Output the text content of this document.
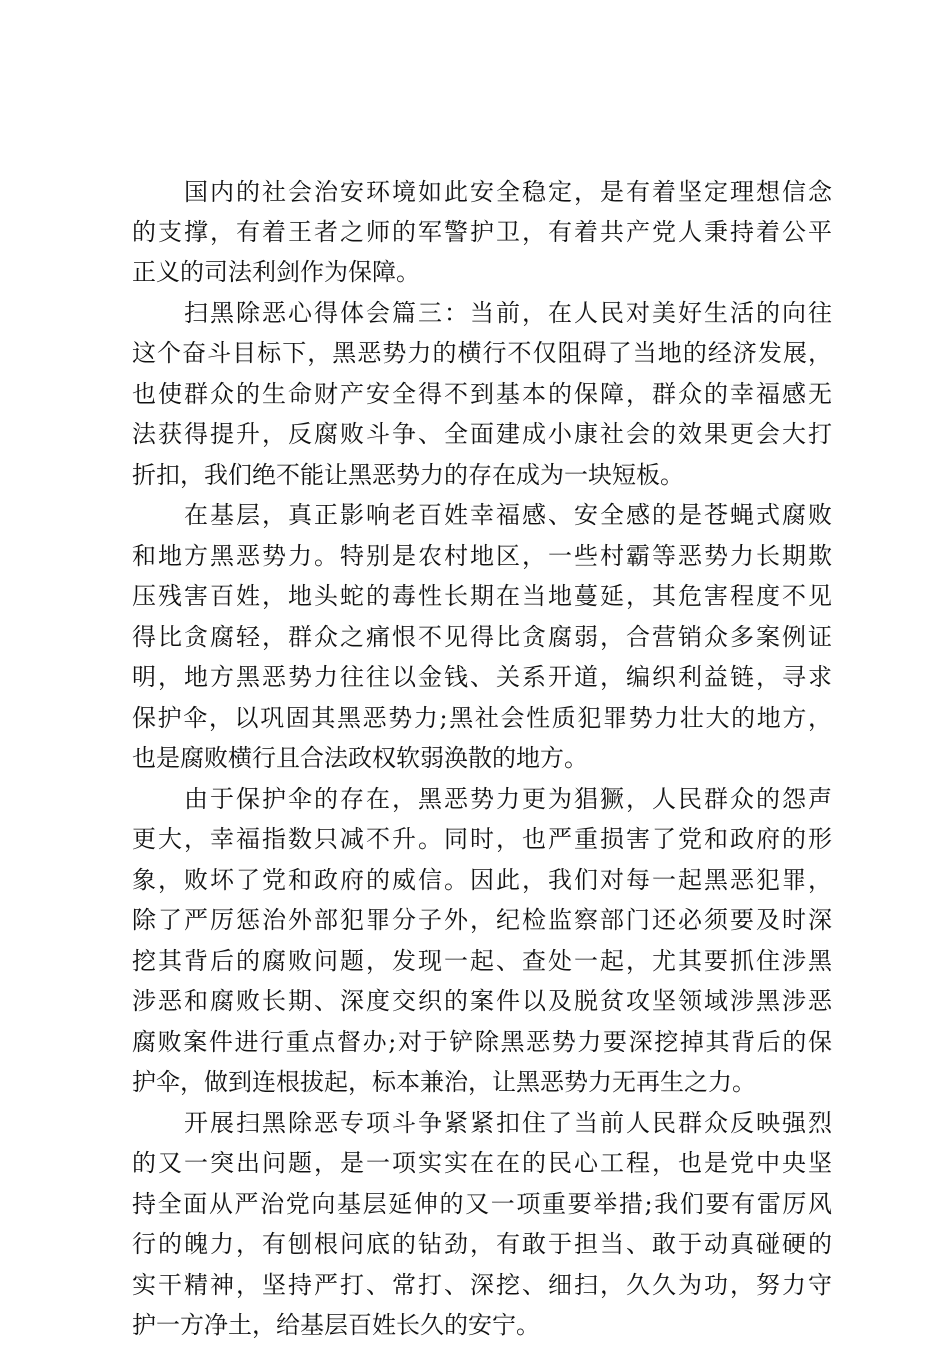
　　国内的社会治安环境如此安全稳定，是有着坚定理想信念
的支撑，有着王者之师的军警护卫，有着共产党人秉持着公平
正义的司法利剑作为保障。
　　扫黑除恶心得体会篇三：当前，在人民对美好生活的向往
这个奋斗目标下，黑恶势力的横行不仅阻碍了当地的经济发展，
也使群众的生命财产安全得不到基本的保障，群众的幸福感无
法获得提升，反腐败斗争、全面建成小康社会的效果更会大打
折扣，我们绝不能让黑恶势力的存在成为一块短板。
　　在基层，真正影响老百姓幸福感、安全感的是苍蝇式腐败
和地方黑恶势力。特别是农村地区，一些村霸等恶势力长期欺
压残害百姓，地头蛇的毒性长期在当地蔓延，其危害程度不见
得比贪腐轻，群众之痛恨不见得比贪腐弱，合营销众多案例证
明，地方黑恶势力往往以金钱、关系开道，编织利益链，寻求
保护伞，以巩固其黑恶势力;黑社会性质犯罪势力壮大的地方，
也是腐败横行且合法政权软弱涣散的地方。
　　由于保护伞的存在，黑恶势力更为猖獗，人民群众的怨声
更大，幸福指数只减不升。同时，也严重损害了党和政府的形
象，败坏了党和政府的威信。因此，我们对每一起黑恶犯罪，
除了严厉惩治外部犯罪分子外，纪检监察部门还必须要及时深
挖其背后的腐败问题，发现一起、查处一起，尤其要抓住涉黑
涉恶和腐败长期、深度交织的案件以及脱贫攻坚领域涉黑涉恶
腐败案件进行重点督办;对于铲除黑恶势力要深挖掉其背后的保
护伞，做到连根拔起，标本兼治，让黑恶势力无再生之力。
　　开展扫黑除恶专项斗争紧紧扣住了当前人民群众反映强烈
的又一突出问题，是一项实实在在的民心工程，也是党中央坚
持全面从严治党向基层延伸的又一项重要举措;我们要有雷厉风
行的魄力，有刨根问底的钻劲，有敢于担当、敢于动真碰硬的
实干精神，坚持严打、常打、深挖、细扫，久久为功，努力守
护一方净土，给基层百姓长久的安宁。
